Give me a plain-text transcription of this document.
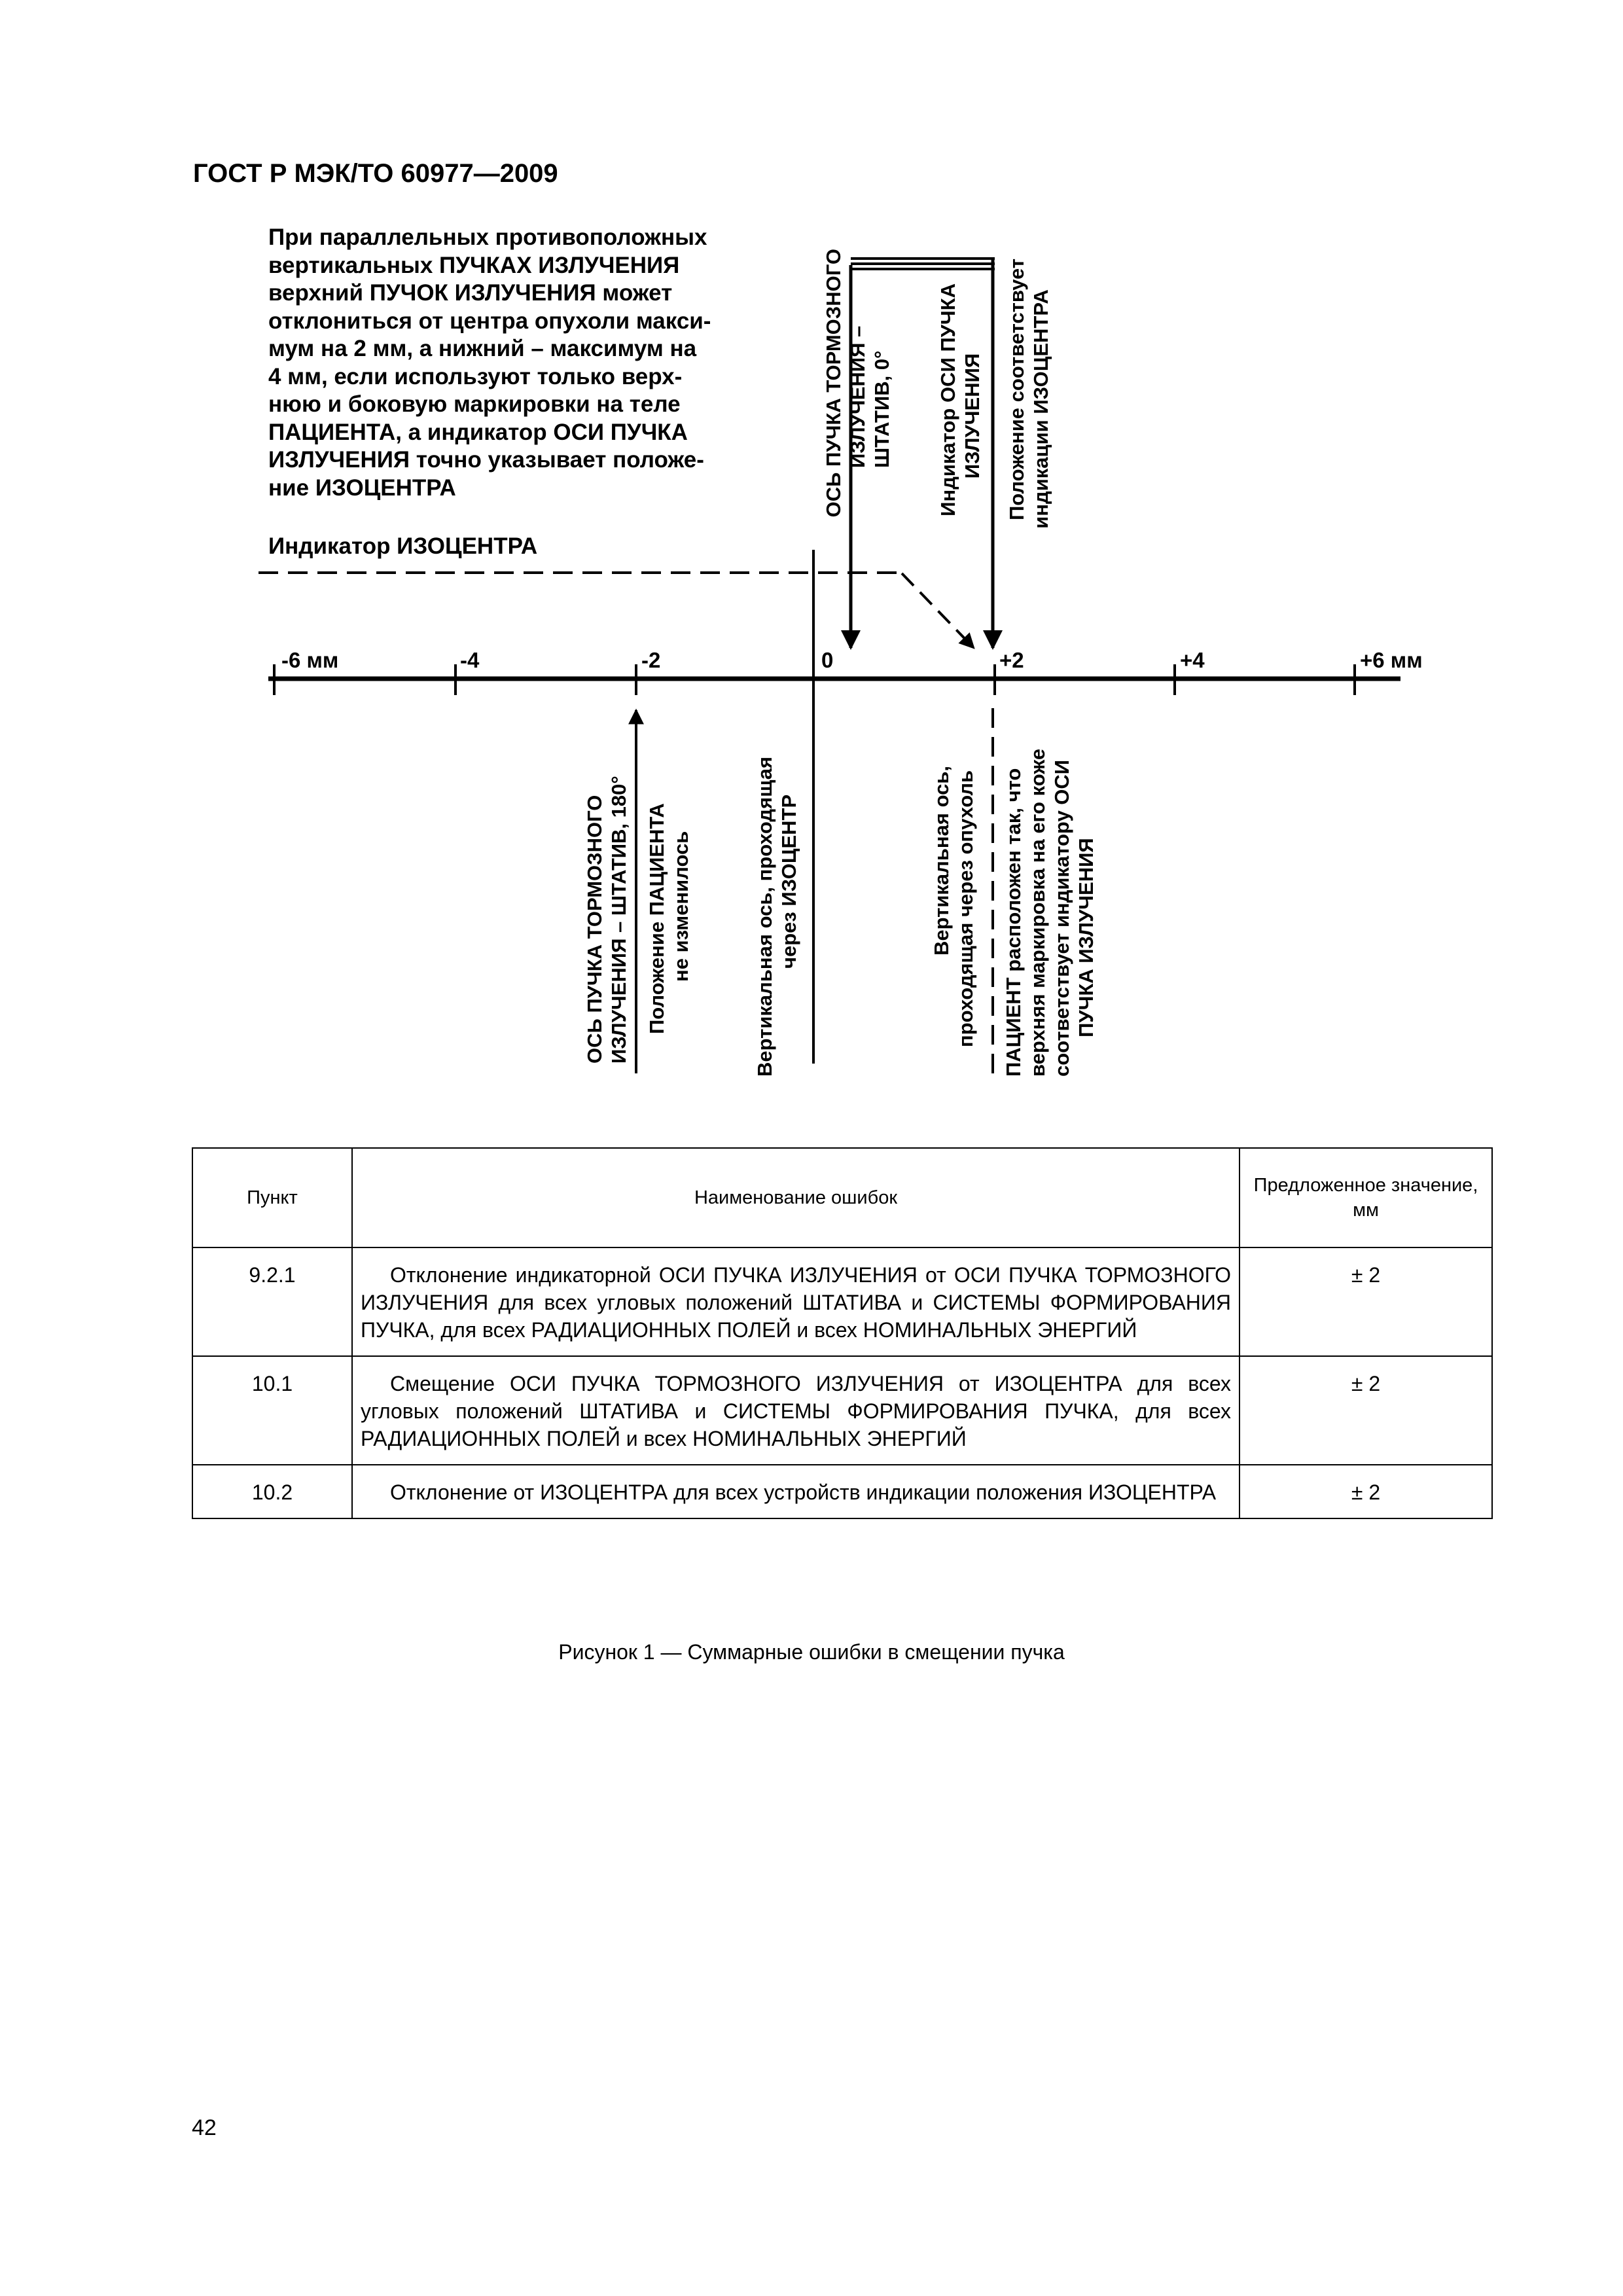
ГОСТ Р МЭК/ТО 60977—2009
При параллельных противоположных
вертикальных ПУЧКАХ ИЗЛУЧЕНИЯ
верхний ПУЧОК ИЗЛУЧЕНИЯ может
отклониться от центра опухоли макси-
мум на 2 мм, а нижний – максимум на
4 мм, если используют только верх-
нюю и боковую маркировки на теле
ПАЦИЕНТА, а индикатор ОСИ ПУЧКА
ИЗЛУЧЕНИЯ точно указывает положе-
ние ИЗОЦЕНТРА
Индикатор ИЗОЦЕНТРА
-6 мм	-4	-2	0	+2	+4	+6 мм
ОСЬ ПУЧКА ТОРМОЗНОГО ИЗЛУЧЕНИЯ – ШТАТИВ, 0° Индикатор ОСИ ПУЧКА ИЗЛУЧЕНИЯ Положение соответствует индикации ИЗОЦЕНТРА
ОСЬ ПУЧКА ТОРМОЗНОГО ИЗЛУЧЕНИЯ – ШТАТИВ, 180° Положение ПАЦИЕНТА не изменилось	Вертикальная ось, проходящая через ИЗОЦЕНТР	Вертикальная ось, проходящая через опухоль ПАЦИЕНТ расположен так, что верхняя маркировка на его коже соответствует индикатору ОСИ ПУЧКА ИЗЛУЧЕНИЯ
Пункт	Наименование ошибок	Предложенное значение, мм
9.2.1	Отклонение индикаторной ОСИ ПУЧКА ИЗЛУЧЕНИЯ от ОСИ ПУЧКА ТОРМОЗНОГО ИЗЛУЧЕНИЯ для всех угловых положений ШТАТИВА и СИСТЕМЫ ФОРМИРОВАНИЯ ПУЧКА, для всех РАДИАЦИОННЫХ ПОЛЕЙ и всех НОМИНАЛЬНЫХ ЭНЕРГИЙ	± 2
10.1	Смещение ОСИ ПУЧКА ТОРМОЗНОГО ИЗЛУЧЕНИЯ от ИЗОЦЕНТРА для всех угловых положений ШТАТИВА и СИСТЕМЫ ФОРМИРОВАНИЯ ПУЧКА, для всех РАДИАЦИОННЫХ ПОЛЕЙ и всех НОМИНАЛЬНЫХ ЭНЕРГИЙ	± 2
10.2	Отклонение от ИЗОЦЕНТРА для всех устройств индикации положения ИЗОЦЕНТРА	± 2
Рисунок 1 — Суммарные ошибки в смещении пучка
42
